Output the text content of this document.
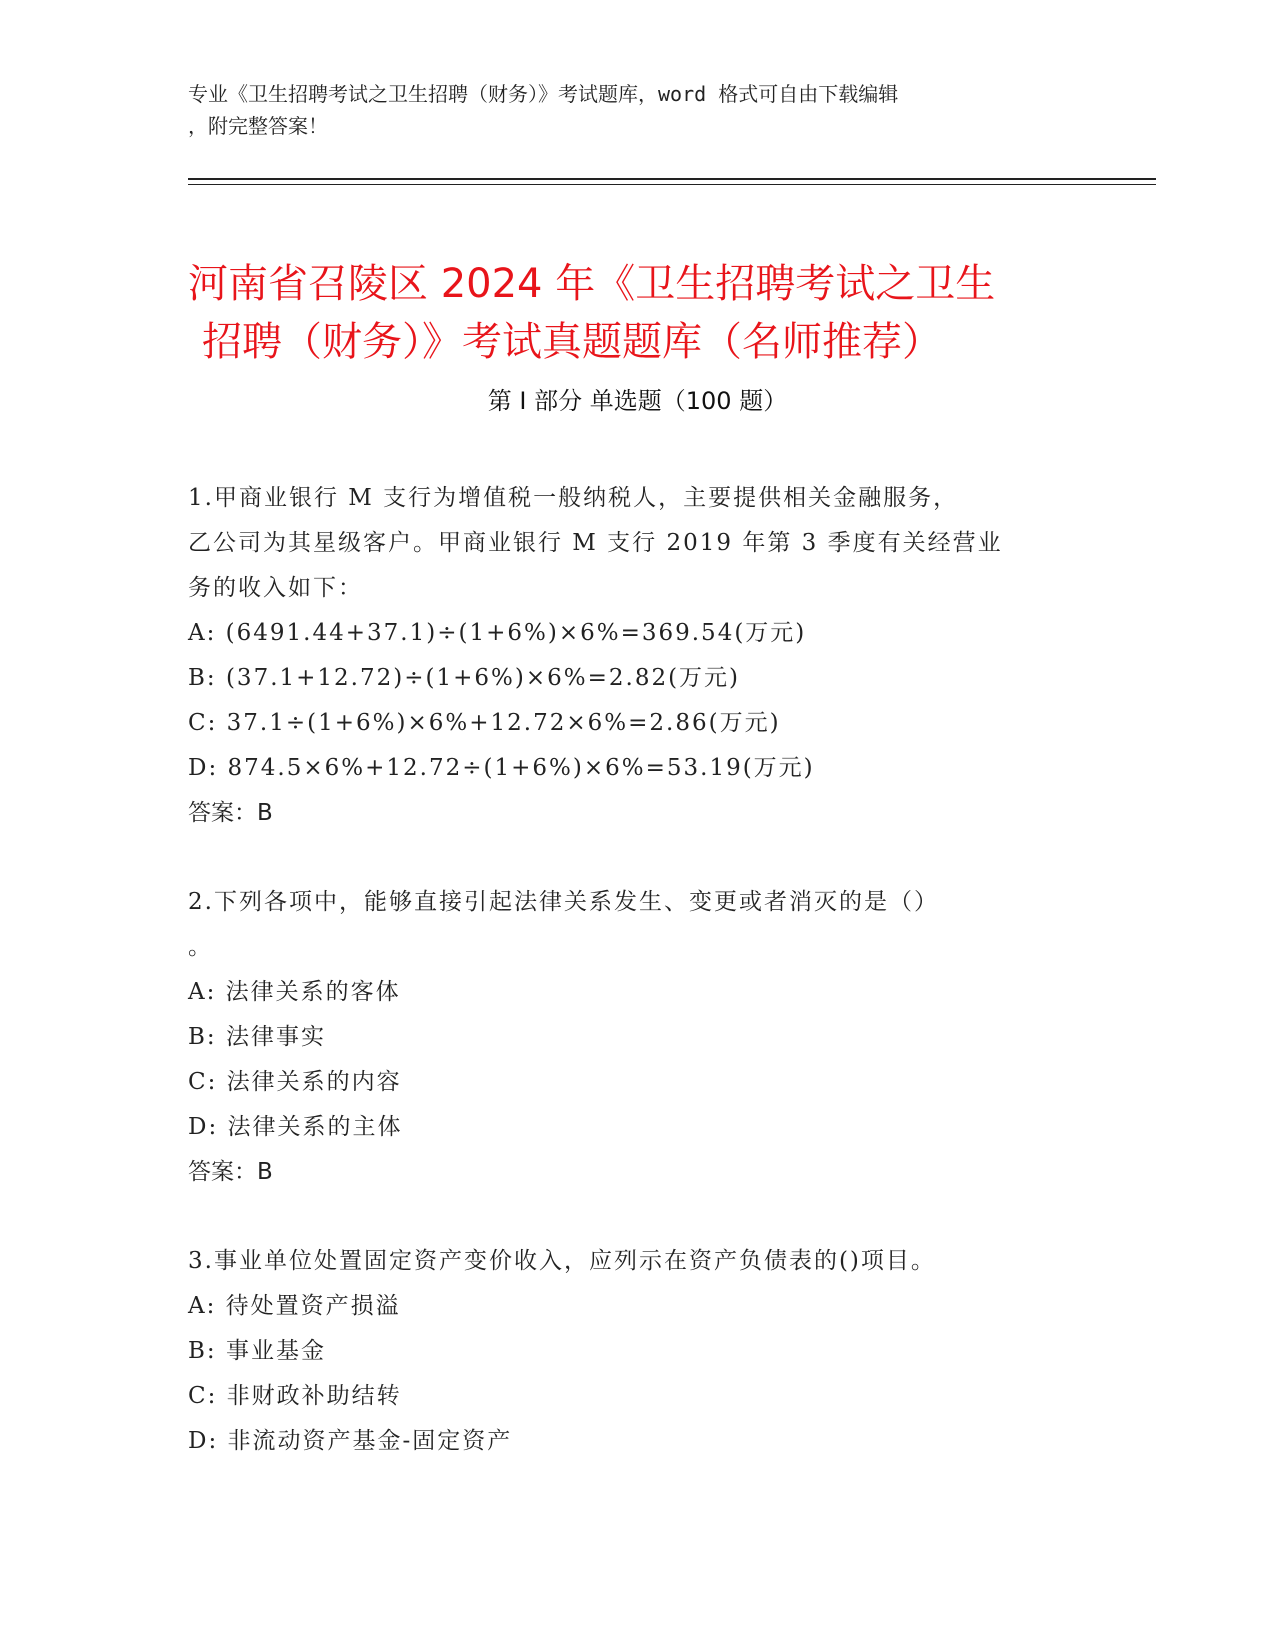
专业《卫生招聘考试之卫生招聘（财务）》考试题库，word 格式可自由下载编辑
，附完整答案！
河南省召陵区 2024 年《卫生招聘考试之卫生
招聘（财务）》考试真题题库（名师推荐）
第 I 部分 单选题（100 题）
1.甲商业银行 M 支行为增值税一般纳税人，主要提供相关金融服务，
乙公司为其星级客户。甲商业银行 M 支行 2019 年第 3 季度有关经营业
务的收入如下：
A: (6491.44+37.1)÷(1+6%)×6%=369.54(万元)
B: (37.1+12.72)÷(1+6%)×6%=2.82(万元)
C: 37.1÷(1+6%)×6%+12.72×6%=2.86(万元)
D: 874.5×6%+12.72÷(1+6%)×6%=53.19(万元)
答案：B
2.下列各项中，能够直接引起法律关系发生、变更或者消灭的是（）
。
A: 法律关系的客体
B: 法律事实
C: 法律关系的内容
D: 法律关系的主体
答案：B
3.事业单位处置固定资产变价收入，应列示在资产负债表的()项目。
A: 待处置资产损溢
B: 事业基金
C: 非财政补助结转
D: 非流动资产基金-固定资产
